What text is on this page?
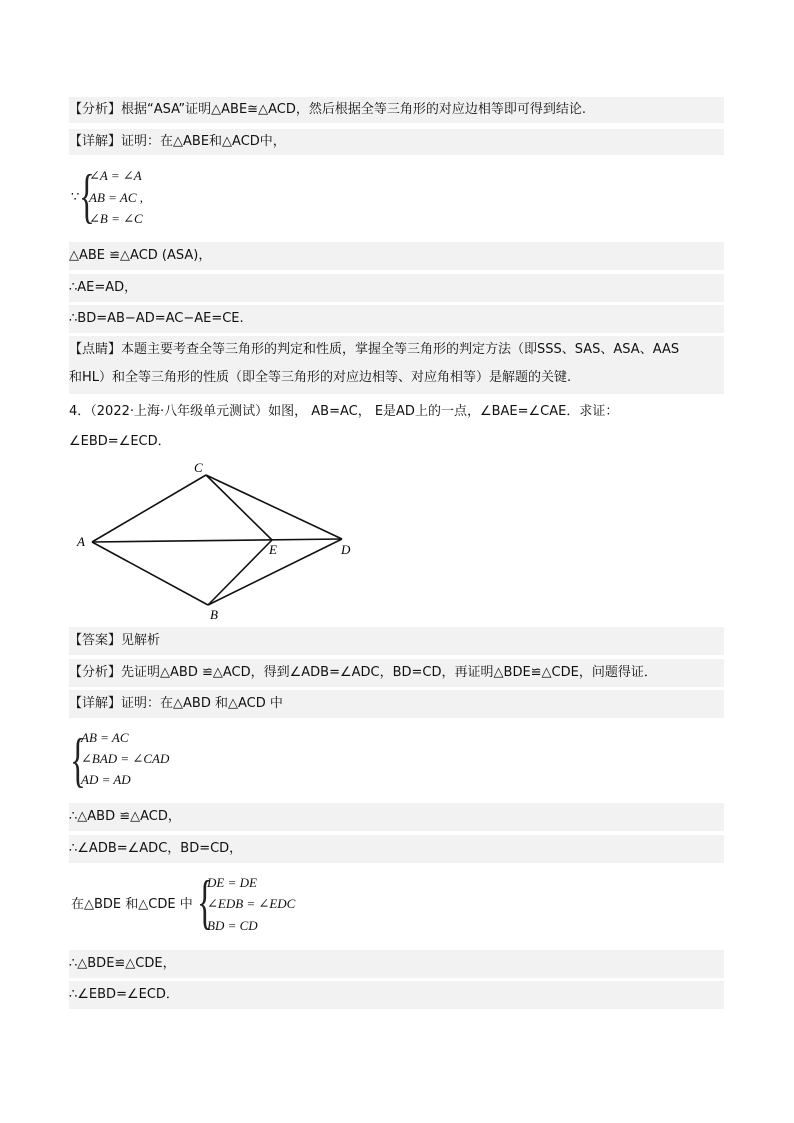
【分析】根据“ASA”证明△ABE≅△ACD，然后根据全等三角形的对应边相等即可得到结论.
【详解】证明：在△ABE和△ACD中，
∵ {
∠A = ∠A
AB = AC ,
∠B = ∠C
△ABE ≌△ACD (ASA)，
∴AE=AD，
∴BD=AB−AD=AC−AE=CE.
【点睛】本题主要考查全等三角形的判定和性质，掌握全等三角形的判定方法（即SSS、SAS、ASA、AAS
和HL）和全等三角形的性质（即全等三角形的对应边相等、对应角相等）是解题的关键.
4．（2022·上海·八年级单元测试）如图， AB=AC， E是AD上的一点，∠BAE=∠CAE．求证：
∠EBD=∠ECD．
C
A
E	D
B
【答案】见解析
【分析】先证明△ABD ≌△ACD，得到∠ADB=∠ADC，BD=CD，再证明△BDE≌△CDE，问题得证．
【详解】证明：在△ABD 和△ACD 中
{
AB = AC
∠BAD = ∠CAD
AD = AD
∴△ABD ≌△ACD，
∴∠ADB=∠ADC，BD=CD，
在△BDE 和△CDE 中 {
DE = DE
∠EDB = ∠EDC
BD = CD
∴△BDE≌△CDE，
∴∠EBD=∠ECD．
